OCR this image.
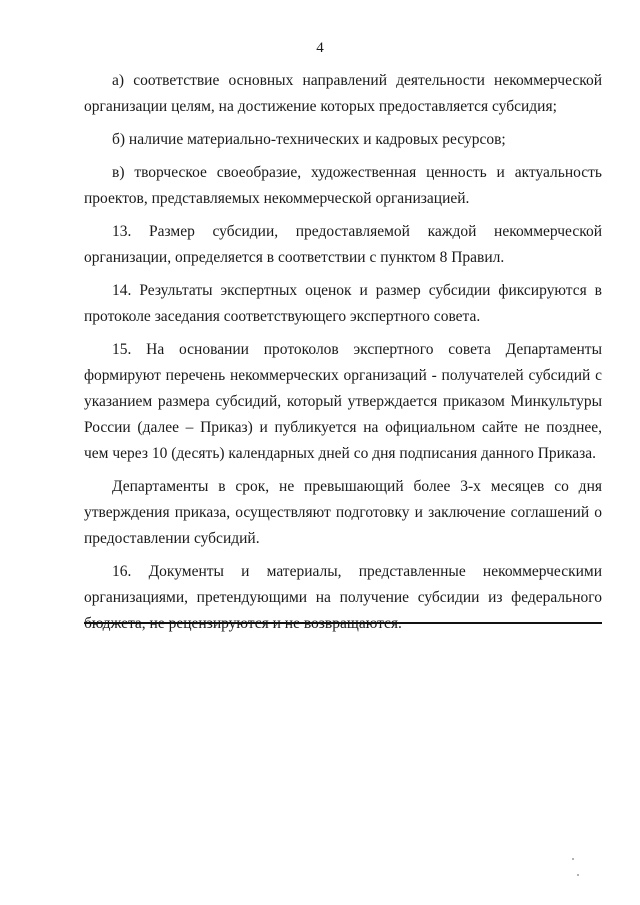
4

а) соответствие основных направлений деятельности некоммерческой организации целям, на достижение которых предоставляется субсидия;

б) наличие материально-технических и кадровых ресурсов;

в) творческое своеобразие, художественная ценность и актуальность проектов, представляемых некоммерческой организацией.

13. Размер субсидии, предоставляемой каждой некоммерческой организации, определяется в соответствии с пунктом 8 Правил.

14. Результаты экспертных оценок и размер субсидии фиксируются в протоколе заседания соответствующего экспертного совета.

15. На основании протоколов экспертного совета Департаменты формируют перечень некоммерческих организаций - получателей субсидий с указанием размера субсидий, который утверждается приказом Минкультуры России (далее – Приказ) и публикуется на официальном сайте не позднее, чем через 10 (десять) календарных дней со дня подписания данного Приказа.

Департаменты в срок, не превышающий более 3-х месяцев со дня утверждения приказа, осуществляют подготовку и заключение соглашений о предоставлении субсидий.

16. Документы и материалы, представленные некоммерческими организациями, претендующими на получение субсидии из федерального бюджета, не рецензируются и не возвращаются.
